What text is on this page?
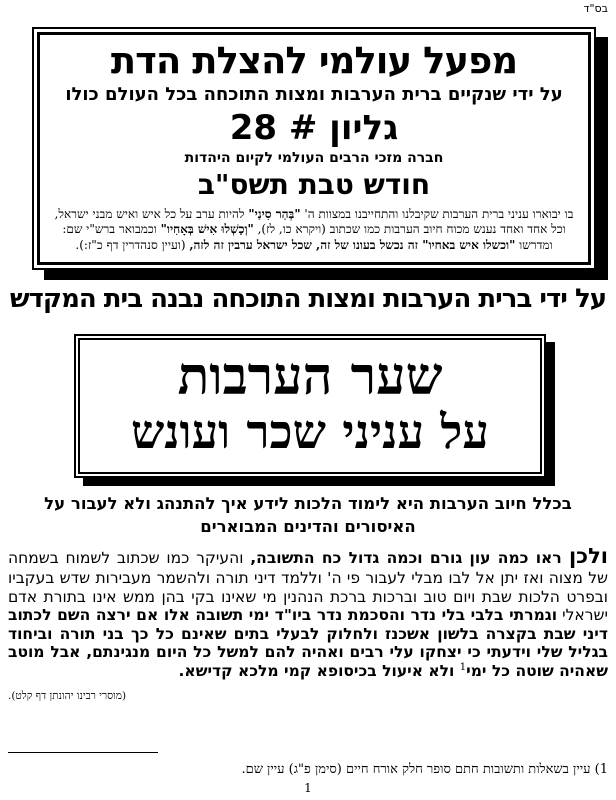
בס"ד
מפעל עולמי להצלת הדת
על ידי שנקיים ברית הערבות ומצות התוכחה בכל העולם כולו
גליון # 28
חברה מזכי הרבים העולמי לקיום היהדות
חודש טבת תשס"ב
בו יבוארו עניני ברית הערבות שקיבלנו והתחייבנו במצוות ה' "בְּהַר סִינַי" להיות ערב על כל איש ואיש מבני ישראל, וכל אחד ואחד נענש מכוח חיוב הערבות כמו שכתוב (ויקרא כו, לז), "וְכָשְׁלוּ אִישׁ בְּאָחִיו" וכמבואר ברש"י שם: ומדרשו "וכשלו איש באחיו" זה נכשל בעונו של זה, שכל ישראל ערבין זה לזה, (ועיין סנהדרין דף כ"ז:).
על ידי ברית הערבות ומצות התוכחה נבנה בית המקדש
שער הערבות
על עניני שכר ועונש
בכלל חיוב הערבות היא לימוד הלכות לידע איך להתנהג ולא לעבור על האיסורים והדינים המבוארים
ולכן ראו כמה עון גורם וכמה גדול כח התשובה, והעיקר כמו שכתוב לשמוח בשמחה של מצוה ואז יתן אל לבו מבלי לעבור פי ה' וללמד דיני תורה ולהשמר מעבירות שדש בעקביו ובפרט הלכות שבת ויום טוב וברכות ברכת הנהנין מי שאינו בקי בהן ממש אינו בתורת אדם ישראלי וגמרתי בלבי בלי נדר והסכמת נדר ביו"ד ימי תשובה אלו אם ירצה השם לכתוב דיני שבת בקצרה בלשון אשכנז ולחלוק לבעלי בתים שאינם כל כך בני תורה וביחוד בגליל שלי וידעתי כי יצחקו עלי רבים ואהיה להם למשל כל היום מנגינתם, אבל מוטב שאהיה שוטה כל ימי$^1$ ולא איעול בכיסופא קמי מלכא קדישא.
(מוסרי רבינו יהונתן דף קלט).
1) עיין בשאלות ותשובות חתם סופר חלק אורח חיים (סימן פ"ג) עיין שם.
1
